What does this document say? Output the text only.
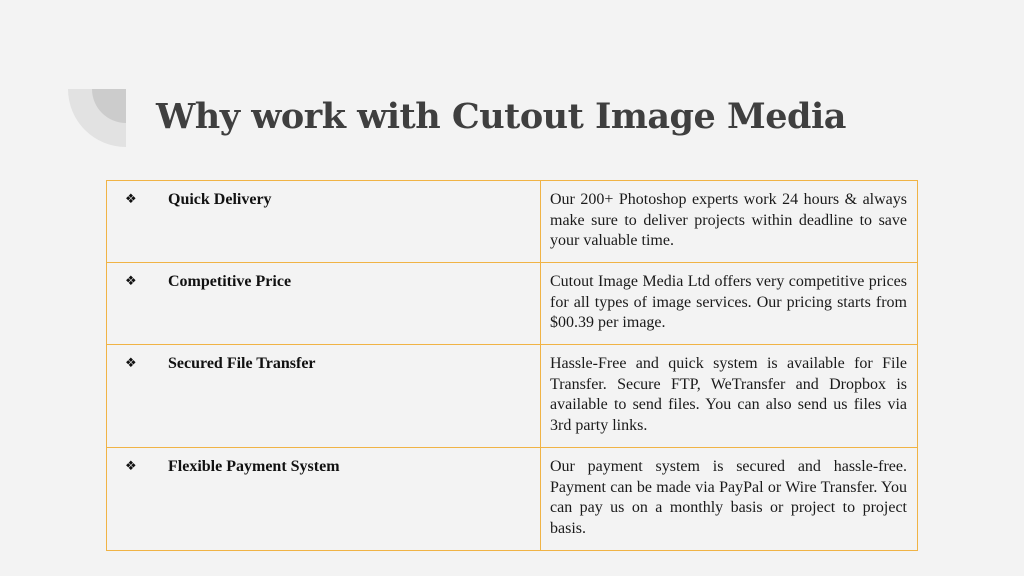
Why work with Cutout Image Media
❖ Quick Delivery	Our 200+ Photoshop experts work 24 hours & always make sure to deliver projects within deadline to save your valuable time.

❖ Competitive Price	Cutout Image Media Ltd offers very competitive prices for all types of image services. Our pricing starts from $00.39 per image.

❖ Secured File Transfer	Hassle-Free and quick system is available for File Transfer. Secure FTP, WeTransfer and Dropbox is available to send files. You can also send us files via 3rd party links.

❖ Flexible Payment System	Our payment system is secured and hassle-free. Payment can be made via PayPal or Wire Transfer. You can pay us on a monthly basis or project to project basis.
